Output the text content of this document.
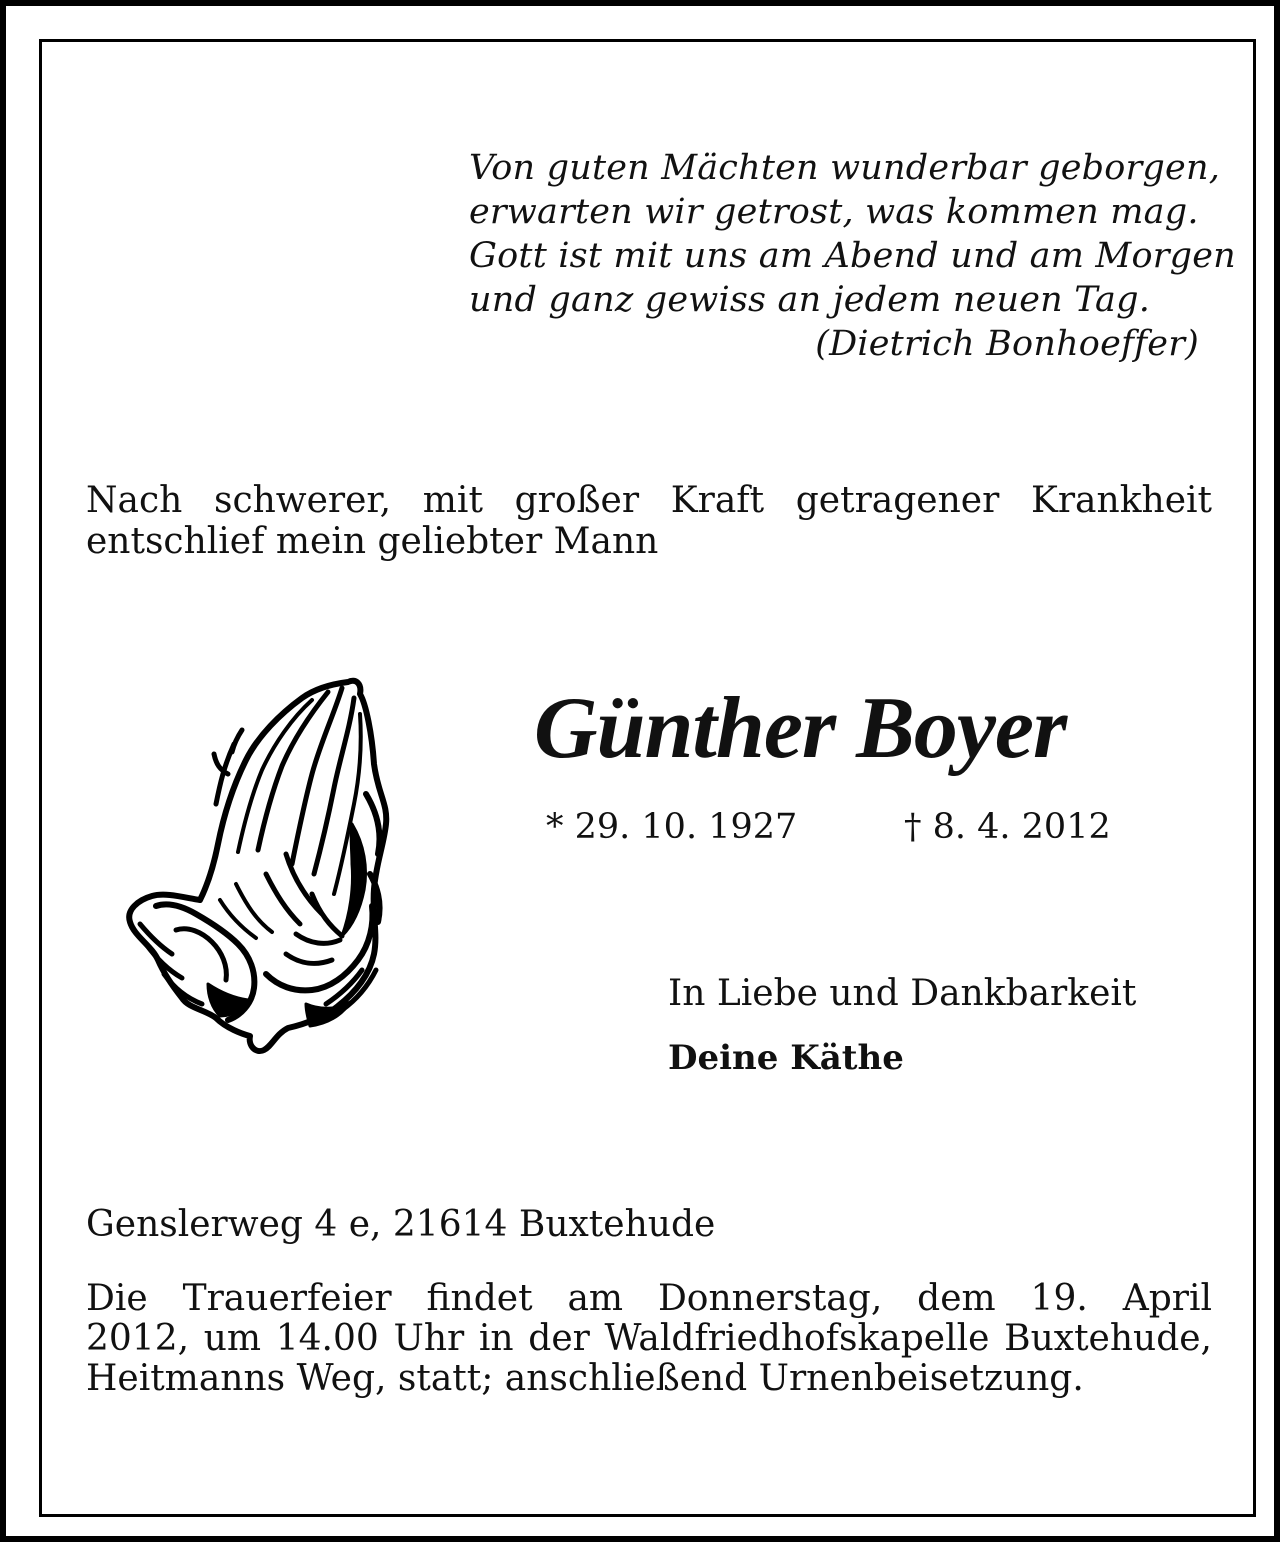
Von guten Mächten wunderbar geborgen,
erwarten wir getrost, was kommen mag.
Gott ist mit uns am Abend und am Morgen
und ganz gewiss an jedem neuen Tag.
(Dietrich Bonhoeffer)
Nach schwerer, mit großer Kraft getragener Krankheit
entschlief mein geliebter Mann
Günther Boyer
* 29. 10. 1927	† 8. 4. 2012
In Liebe und Dankbarkeit
Deine Käthe
Genslerweg 4 e, 21614 Buxtehude
Die Trauerfeier findet am Donnerstag, dem 19. April
2012, um 14.00 Uhr in der Waldfriedhofskapelle Buxtehude,
Heitmanns Weg, statt; anschließend Urnenbeisetzung.
